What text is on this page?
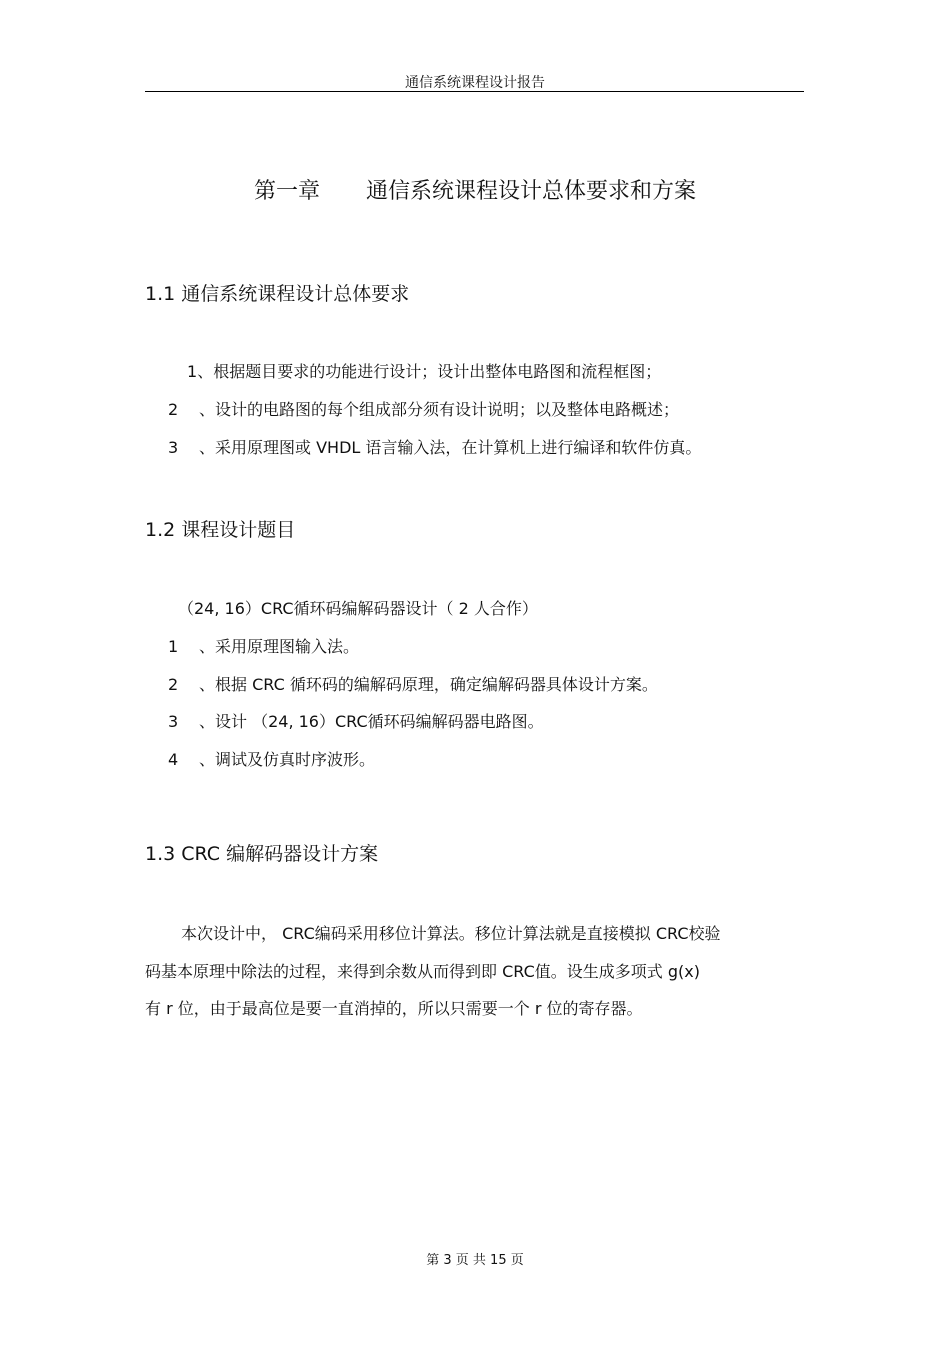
通信系统课程设计报告
第一章 通信系统课程设计总体要求和方案
1.1 通信系统课程设计总体要求
1、根据题目要求的功能进行设计；设计出整体电路图和流程框图；
2 、设计的电路图的每个组成部分须有设计说明；以及整体电路概述；
3 、采用原理图或 VHDL 语言输入法，在计算机上进行编译和软件仿真。
1.2 课程设计题目
（24, 16）CRC循环码编解码器设计（ 2 人合作）
1 、采用原理图输入法。
2 、根据 CRC 循环码的编解码原理，确定编解码器具体设计方案。
3 、设计 （24, 16）CRC循环码编解码器电路图。
4 、调试及仿真时序波形。
1.3 CRC 编解码器设计方案
本次设计中， CRC编码采用移位计算法。移位计算法就是直接模拟 CRC校验
码基本原理中除法的过程，来得到余数从而得到即 CRC值。设生成多项式 g(x)
有 r 位，由于最高位是要一直消掉的，所以只需要一个 r 位的寄存器。
第 3 页 共 15 页
